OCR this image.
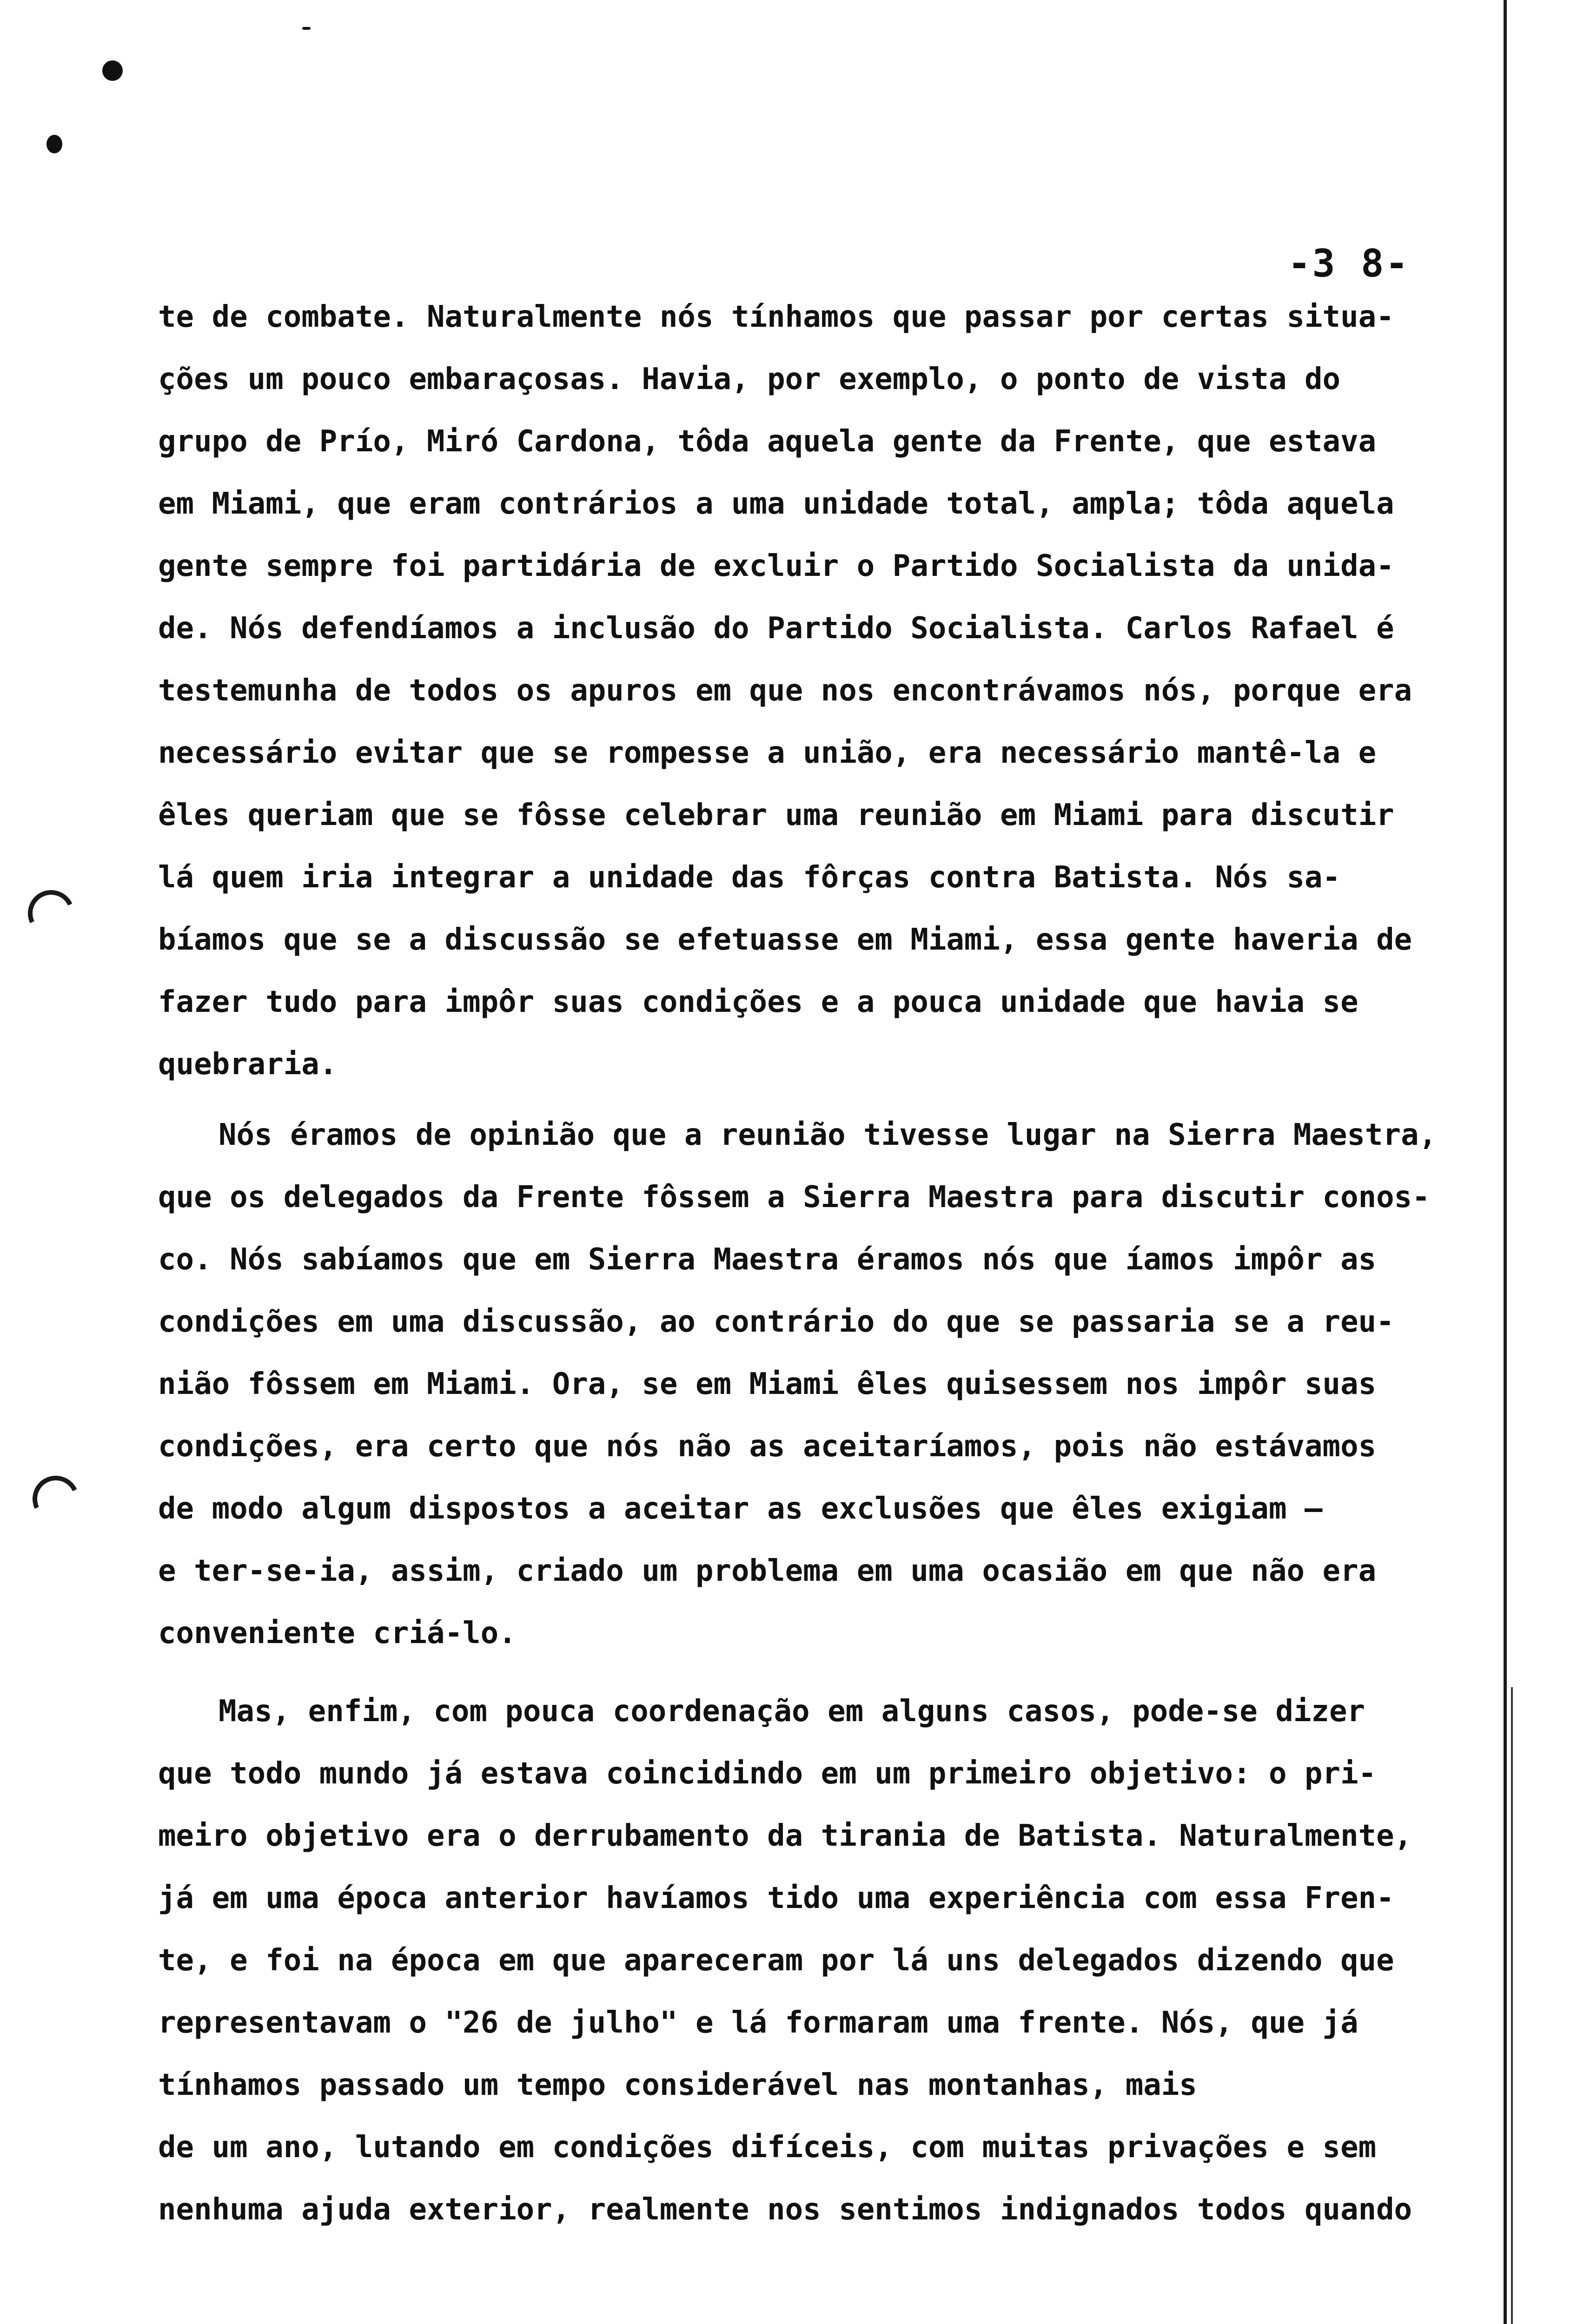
-3 8-
te de combate. Naturalmente nós tínhamos que passar por certas situa-
ções um pouco embaraçosas. Havia, por exemplo, o ponto de vista do
grupo de Prío, Miró Cardona, tôda aquela gente da Frente, que estava
em Miami, que eram contrários a uma unidade total, ampla; tôda aquela
gente sempre foi partidária de excluir o Partido Socialista da unida-
de. Nós defendíamos a inclusão do Partido Socialista. Carlos Rafael é
testemunha de todos os apuros em que nos encontrávamos nós, porque era
necessário evitar que se rompesse a união, era necessário mantê-la e
êles queriam que se fôsse celebrar uma reunião em Miami para discutir
lá quem iria integrar a unidade das fôrças contra Batista. Nós sa-
bíamos que se a discussão se efetuasse em Miami, essa gente haveria de
fazer tudo para impôr suas condições e a pouca unidade que havia se
quebraria.
Nós éramos de opinião que a reunião tivesse lugar na Sierra Maestra,
que os delegados da Frente fôssem a Sierra Maestra para discutir conos-
co. Nós sabíamos que em Sierra Maestra éramos nós que íamos impôr as
condições em uma discussão, ao contrário do que se passaria se a reu-
nião fôssem em Miami. Ora, se em Miami êles quisessem nos impôr suas
condições, era certo que nós não as aceitaríamos, pois não estávamos
de modo algum dispostos a aceitar as exclusões que êles exigiam —
e ter-se-ia, assim, criado um problema em uma ocasião em que não era
conveniente criá-lo.
Mas, enfim, com pouca coordenação em alguns casos, pode-se dizer
que todo mundo já estava coincidindo em um primeiro objetivo: o pri-
meiro objetivo era o derrubamento da tirania de Batista. Naturalmente,
já em uma época anterior havíamos tido uma experiência com essa Fren-
te, e foi na época em que apareceram por lá uns delegados dizendo que
representavam o "26 de julho" e lá formaram uma frente. Nós, que já
tínhamos passado um tempo considerável nas montanhas, mais
de um ano, lutando em condições difíceis, com muitas privações e sem
nenhuma ajuda exterior, realmente nos sentimos indignados todos quando
